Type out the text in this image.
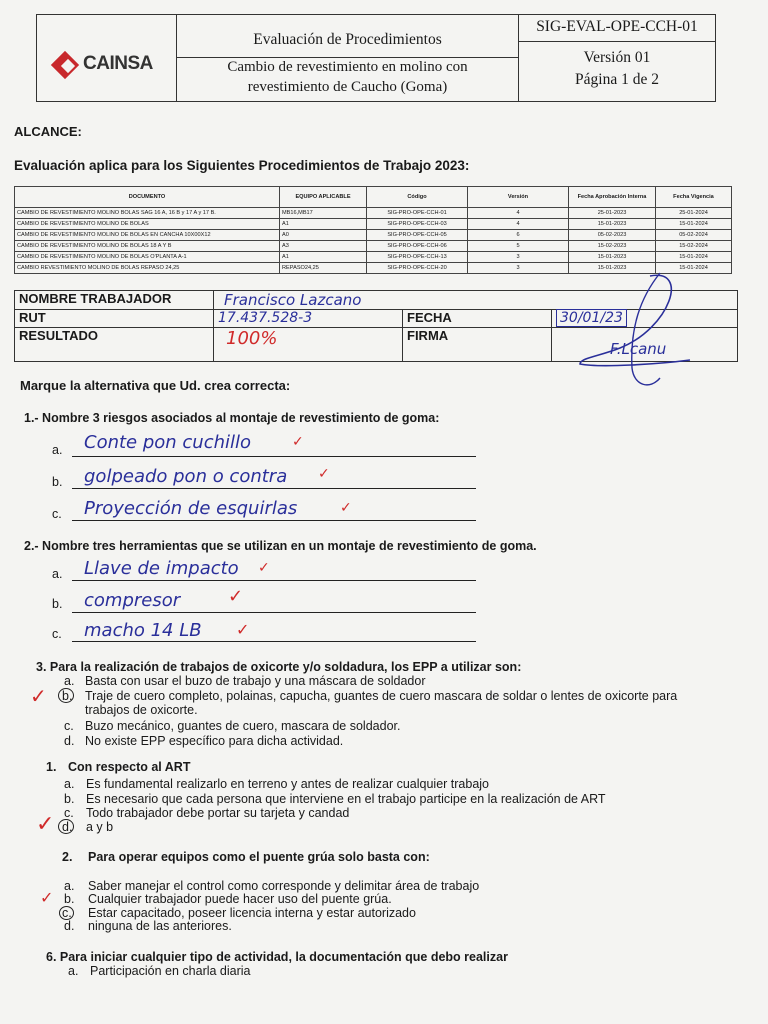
CAINSA
Evaluación de Procedimientos
Cambio de revestimiento en molino con
revestimiento de Caucho (Goma)
SIG-EVAL-OPE-CCH-01
Versión 01
Página 1 de 2
ALCANCE:
Evaluación aplica para los Siguientes Procedimientos de Trabajo 2023:
DOCUMENTO	EQUIPO APLICABLE	Código	Versión	Fecha Aprobación Interna	Fecha Vigencia
CAMBIO DE REVESTIMIENTO MOLINO BOLAS SAG 16 A, 16 B y 17 A y 17 B.	MB16,MB17	SIG-PRO-OPE-CCH-01	4	25-01-2023	25-01-2024
CAMBIO DE REVESTIMIENTO MOLINO DE BOLAS	A1	SIG-PRO-OPE-CCH-03	4	15-01-2023	15-01-2024
CAMBIO DE REVESTIMIENTO MOLINO DE BOLAS EN CANCHA 10X00X12	A0	SIG-PRO-OPE-CCH-05	6	05-02-2023	05-02-2024
CAMBIO DE REVESTIMIENTO MOLINO DE BOLAS 18 A Y B	A3	SIG-PRO-OPE-CCH-06	5	15-02-2023	15-02-2024
CAMBIO DE REVESTIMIENTO MOLINO DE BOLAS O'PLANTA A-1	A1	SIG-PRO-OPE-CCH-13	3	15-01-2023	15-01-2024
CAMBIO REVESTIMIENTO MOLINO DE BOLAS REPASO 24,25	REPASO24,25	SIG-PRO-OPE-CCH-20	3	15-01-2023	15-01-2024
NOMBRE TRABAJADOR	Francisco Lazcano		
RUT	17.437.528-3	FECHA	30/01/23
RESULTADO	100%	FIRMA	
F.Lcanu
Marque la alternativa que Ud. crea correcta:
1.- Nombre 3 riesgos asociados al montaje de revestimiento de goma:
a. Conte pon cuchillo	✓
b. golpeado pon o contra ✓
c. Proyección de esquirlas	✓
2.- Nombre tres herramientas que se utilizan en un montaje de revestimiento de goma.
a. Llave de impacto ✓
b. compresor	✓
c. macho 14 LB ✓
3. Para la realización de trabajos de oxicorte y/o soldadura, los EPP a utilizar son:
a. Basta con usar el buzo de trabajo y una máscara de soldador
✓ b. Traje de cuero completo, polainas, capucha, guantes de cuero mascara de soldar o lentes de oxicorte para
trabajos de oxicorte.
c. Buzo mecánico, guantes de cuero, mascara de soldador.
d. No existe EPP específico para dicha actividad.
1. Con respecto al ART
a. Es fundamental realizarlo en terreno y antes de realizar cualquier trabajo
b. Es necesario que cada persona que interviene en el trabajo participe en la realización de ART
c. Todo trabajador debe portar su tarjeta y candad
✓ d. a y b
2. Para operar equipos como el puente grúa solo basta con:
a. Saber manejar el control como corresponde y delimitar área de trabajo
✓ b. Cualquier trabajador puede hacer uso del puente grúa.
c. Estar capacitado, poseer licencia interna y estar autorizado
d. ninguna de las anteriores.
6. Para iniciar cualquier tipo de actividad, la documentación que debo realizar
a. Participación en charla diaria
